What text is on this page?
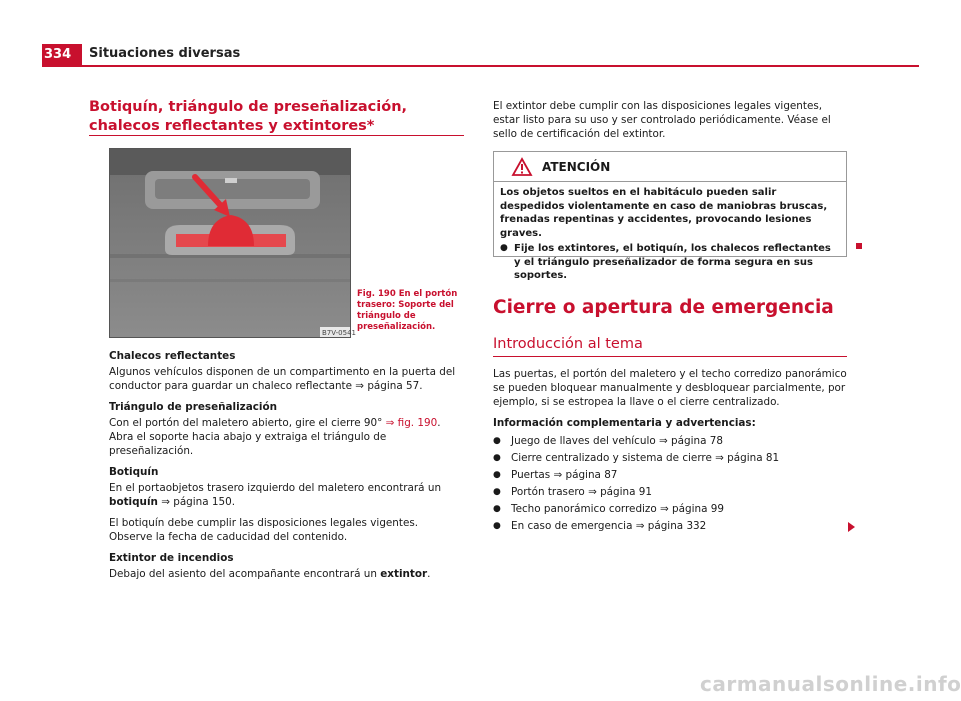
334	Situaciones diversas
Botiquín, triángulo de preseñalización, chalecos reflectantes y extintores*
B7V-0541
Fig. 190 En el portón trasero: Soporte del triángulo de preseñalización.

Chalecos reflectantes

Algunos vehículos disponen de un compartimento en la puerta del conductor para guardar un chaleco reflectante ⇒ página 57.

Triángulo de preseñalización

Con el portón del maletero abierto, gire el cierre 90° ⇒ fig. 190. Abra el soporte hacia abajo y extraiga el triángulo de preseñalización.

Botiquín

En el portaobjetos trasero izquierdo del maletero encontrará un botiquín ⇒ página 150.

El botiquín debe cumplir las disposiciones legales vigentes. Observe la fecha de caducidad del contenido.

Extintor de incendios

Debajo del asiento del acompañante encontrará un extintor.

El extintor debe cumplir con las disposiciones legales vigentes, estar listo para su uso y ser controlado periódicamente. Véase el sello de certificación del extintor.
ATENCIÓN
Los objetos sueltos en el habitáculo pueden salir despedidos violentamente en caso de maniobras bruscas, frenadas repentinas y accidentes, provocando lesiones graves.
● Fije los extintores, el botiquín, los chalecos reflectantes y el triángulo preseñalizador de forma segura en sus soportes.
Cierre o apertura de emergencia
Introducción al tema

Las puertas, el portón del maletero y el techo corredizo panorámico se pueden bloquear manualmente y desbloquear parcialmente, por ejemplo, si se estropea la llave o el cierre centralizado.

Información complementaria y advertencias:

● Juego de llaves del vehículo ⇒ página 78
● Cierre centralizado y sistema de cierre ⇒ página 81
● Puertas ⇒ página 87
● Portón trasero ⇒ página 91
● Techo panorámico corredizo ⇒ página 99
● En caso de emergencia ⇒ página 332
carmanualsonline.info
